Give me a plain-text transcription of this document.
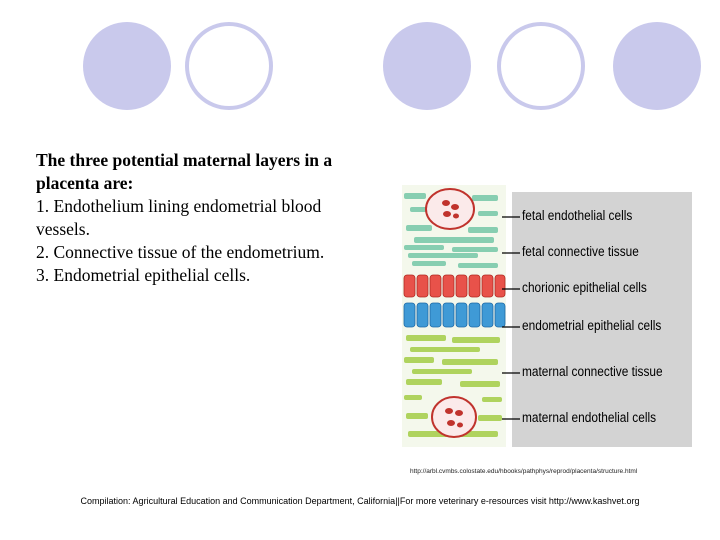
The three potential maternal layers in a placenta are:

1. Endothelium lining endometrial blood vessels.

2. Connective tissue of the endometrium.

3. Endometrial epithelial cells.

fetal endothelial cells
fetal connective tissue
chorionic epithelial cells
endometrial epithelial cells
maternal connective tissue
maternal endothelial cells
http://arbl.cvmbs.colostate.edu/hbooks/pathphys/reprod/placenta/structure.html
Compilation: Agricultural Education and Communication Department, California||For more veterinary e-resources visit http://www.kashvet.org
